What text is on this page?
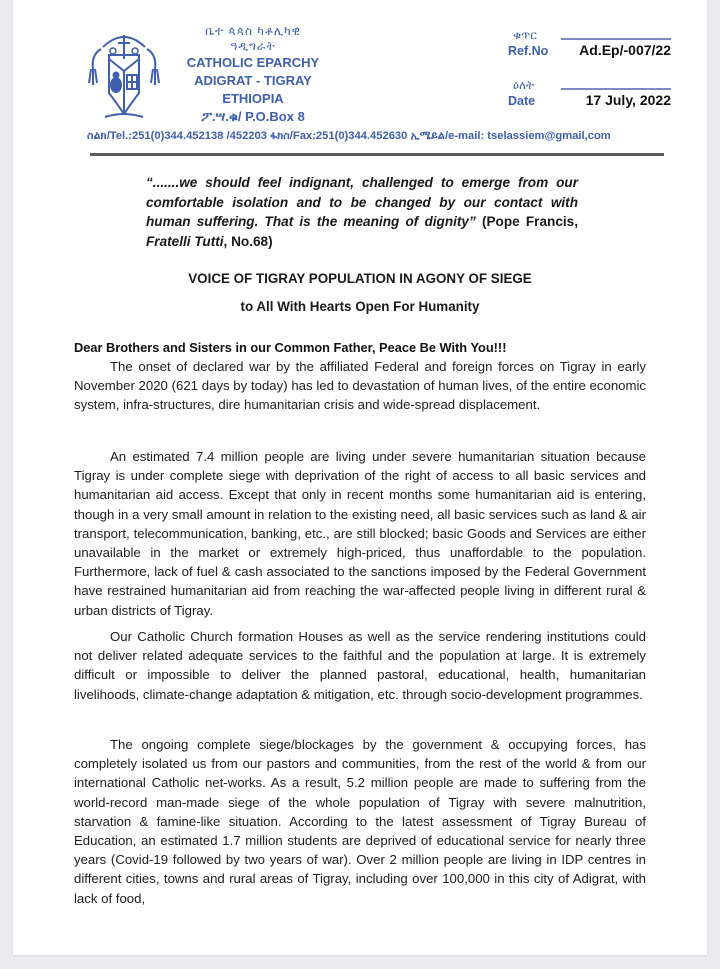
ቤተ ጳጳስ ካቶሊካዊ
ዓዲግራት
CATHOLIC EPARCHY
ADIGRAT - TIGRAY
ETHIOPIA
ፖ.ሣ.ቁ/ P.O.Box 8
ቁጥር
Ref.No	Ad.Ep/-007/22
ዕለት
Date	17 July, 2022
ስልክ/Tel.:251(0)344.452138 /452203 ፋክስ/Fax:251(0)344.452630 ኢሜይል/e-mail: tselassiem@gmail,com
“.......we should feel indignant, challenged to emerge from our comfortable isolation and to be changed by our contact with human suffering. That is the meaning of dignity” (Pope Francis, Fratelli Tutti, No.68)
VOICE OF TIGRAY POPULATION IN AGONY OF SIEGE
to All With Hearts Open For Humanity
Dear Brothers and Sisters in our Common Father, Peace Be With You!!!

The onset of declared war by the affiliated Federal and foreign forces on Tigray in early November 2020 (621 days by today) has led to devastation of human lives, of the entire economic system, infra-structures, dire humanitarian crisis and wide-spread displacement.

An estimated 7.4 million people are living under severe humanitarian situation because Tigray is under complete siege with deprivation of the right of access to all basic services and humanitarian aid access. Except that only in recent months some humanitarian aid is entering, though in a very small amount in relation to the existing need, all basic services such as land & air transport, telecommunication, banking, etc., are still blocked; basic Goods and Services are either unavailable in the market or extremely high-priced, thus unaffordable to the population. Furthermore, lack of fuel & cash associated to the sanctions imposed by the Federal Government have restrained humanitarian aid from reaching the war-affected people living in different rural & urban districts of Tigray.

Our Catholic Church formation Houses as well as the service rendering institutions could not deliver related adequate services to the faithful and the population at large. It is extremely difficult or impossible to deliver the planned pastoral, educational, health, humanitarian livelihoods, climate-change adaptation & mitigation, etc. through socio-development programmes.

The ongoing complete siege/blockages by the government & occupying forces, has completely isolated us from our pastors and communities, from the rest of the world & from our international Catholic net-works. As a result, 5.2 million people are made to suffering from the world-record man-made siege of the whole population of Tigray with severe malnutrition, starvation & famine-like situation. According to the latest assessment of Tigray Bureau of Education, an estimated 1.7 million students are deprived of educational service for nearly three years (Covid-19 followed by two years of war). Over 2 million people are living in IDP centres in different cities, towns and rural areas of Tigray, including over 100,000 in this city of Adigrat, with lack of food,
